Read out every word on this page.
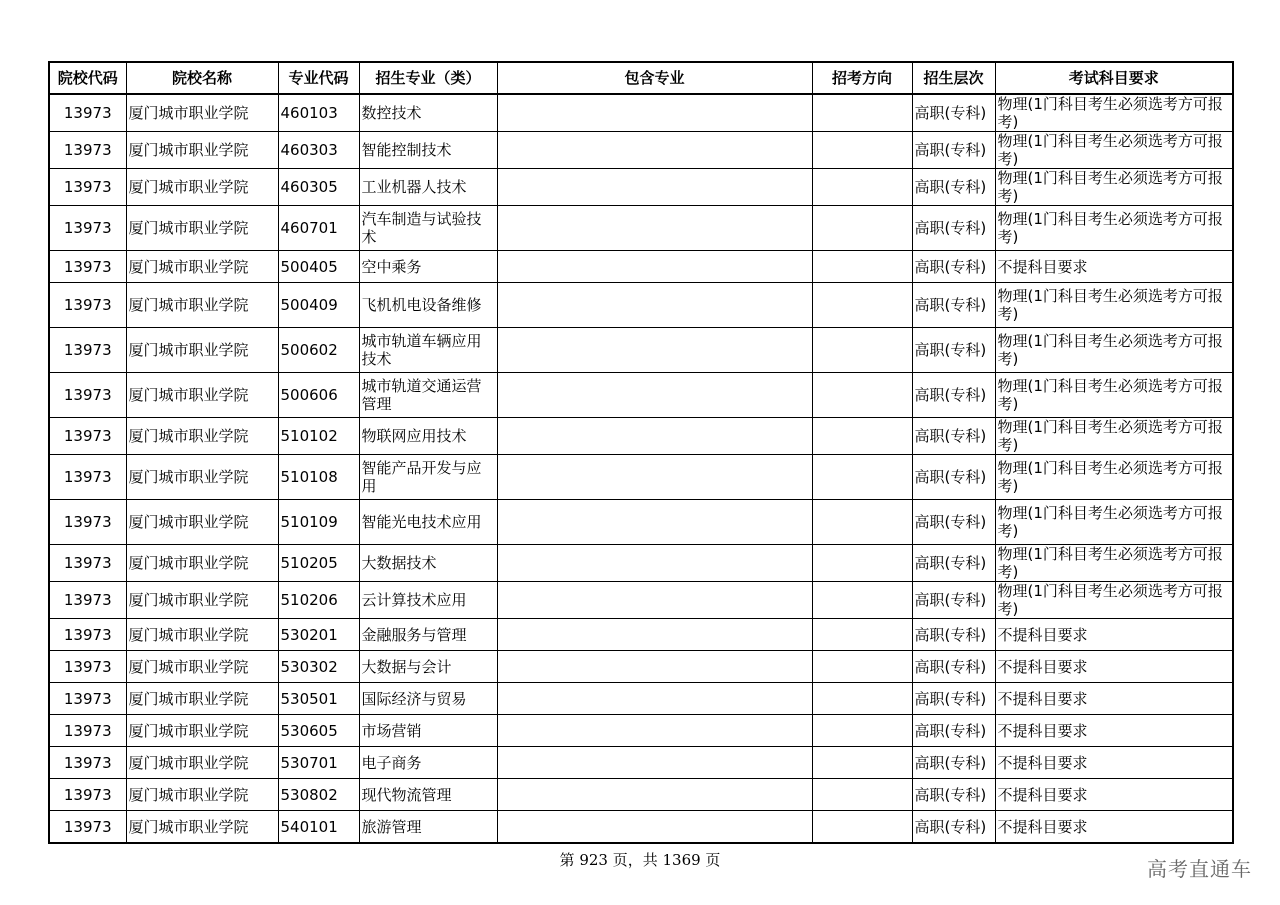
院校代码	院校名称	专业代码	招生专业（类）	包含专业	招考方向	招生层次	考试科目要求
13973	厦门城市职业学院	460103	数控技术			高职(专科)	物理(1门科目考生必须选考方可报考)
13973	厦门城市职业学院	460303	智能控制技术			高职(专科)	物理(1门科目考生必须选考方可报考)
13973	厦门城市职业学院	460305	工业机器人技术			高职(专科)	物理(1门科目考生必须选考方可报考)
13973	厦门城市职业学院	460701	汽车制造与试验技术			高职(专科)	物理(1门科目考生必须选考方可报考)
13973	厦门城市职业学院	500405	空中乘务			高职(专科)	不提科目要求
13973	厦门城市职业学院	500409	飞机机电设备维修			高职(专科)	物理(1门科目考生必须选考方可报考)
13973	厦门城市职业学院	500602	城市轨道车辆应用技术			高职(专科)	物理(1门科目考生必须选考方可报考)
13973	厦门城市职业学院	500606	城市轨道交通运营管理			高职(专科)	物理(1门科目考生必须选考方可报考)
13973	厦门城市职业学院	510102	物联网应用技术			高职(专科)	物理(1门科目考生必须选考方可报考)
13973	厦门城市职业学院	510108	智能产品开发与应用			高职(专科)	物理(1门科目考生必须选考方可报考)
13973	厦门城市职业学院	510109	智能光电技术应用			高职(专科)	物理(1门科目考生必须选考方可报考)
13973	厦门城市职业学院	510205	大数据技术			高职(专科)	物理(1门科目考生必须选考方可报考)
13973	厦门城市职业学院	510206	云计算技术应用			高职(专科)	物理(1门科目考生必须选考方可报考)
13973	厦门城市职业学院	530201	金融服务与管理			高职(专科)	不提科目要求
13973	厦门城市职业学院	530302	大数据与会计			高职(专科)	不提科目要求
13973	厦门城市职业学院	530501	国际经济与贸易			高职(专科)	不提科目要求
13973	厦门城市职业学院	530605	市场营销			高职(专科)	不提科目要求
13973	厦门城市职业学院	530701	电子商务			高职(专科)	不提科目要求
13973	厦门城市职业学院	530802	现代物流管理			高职(专科)	不提科目要求
13973	厦门城市职业学院	540101	旅游管理			高职(专科)	不提科目要求
第 923 页，共 1369 页	高考直通车
